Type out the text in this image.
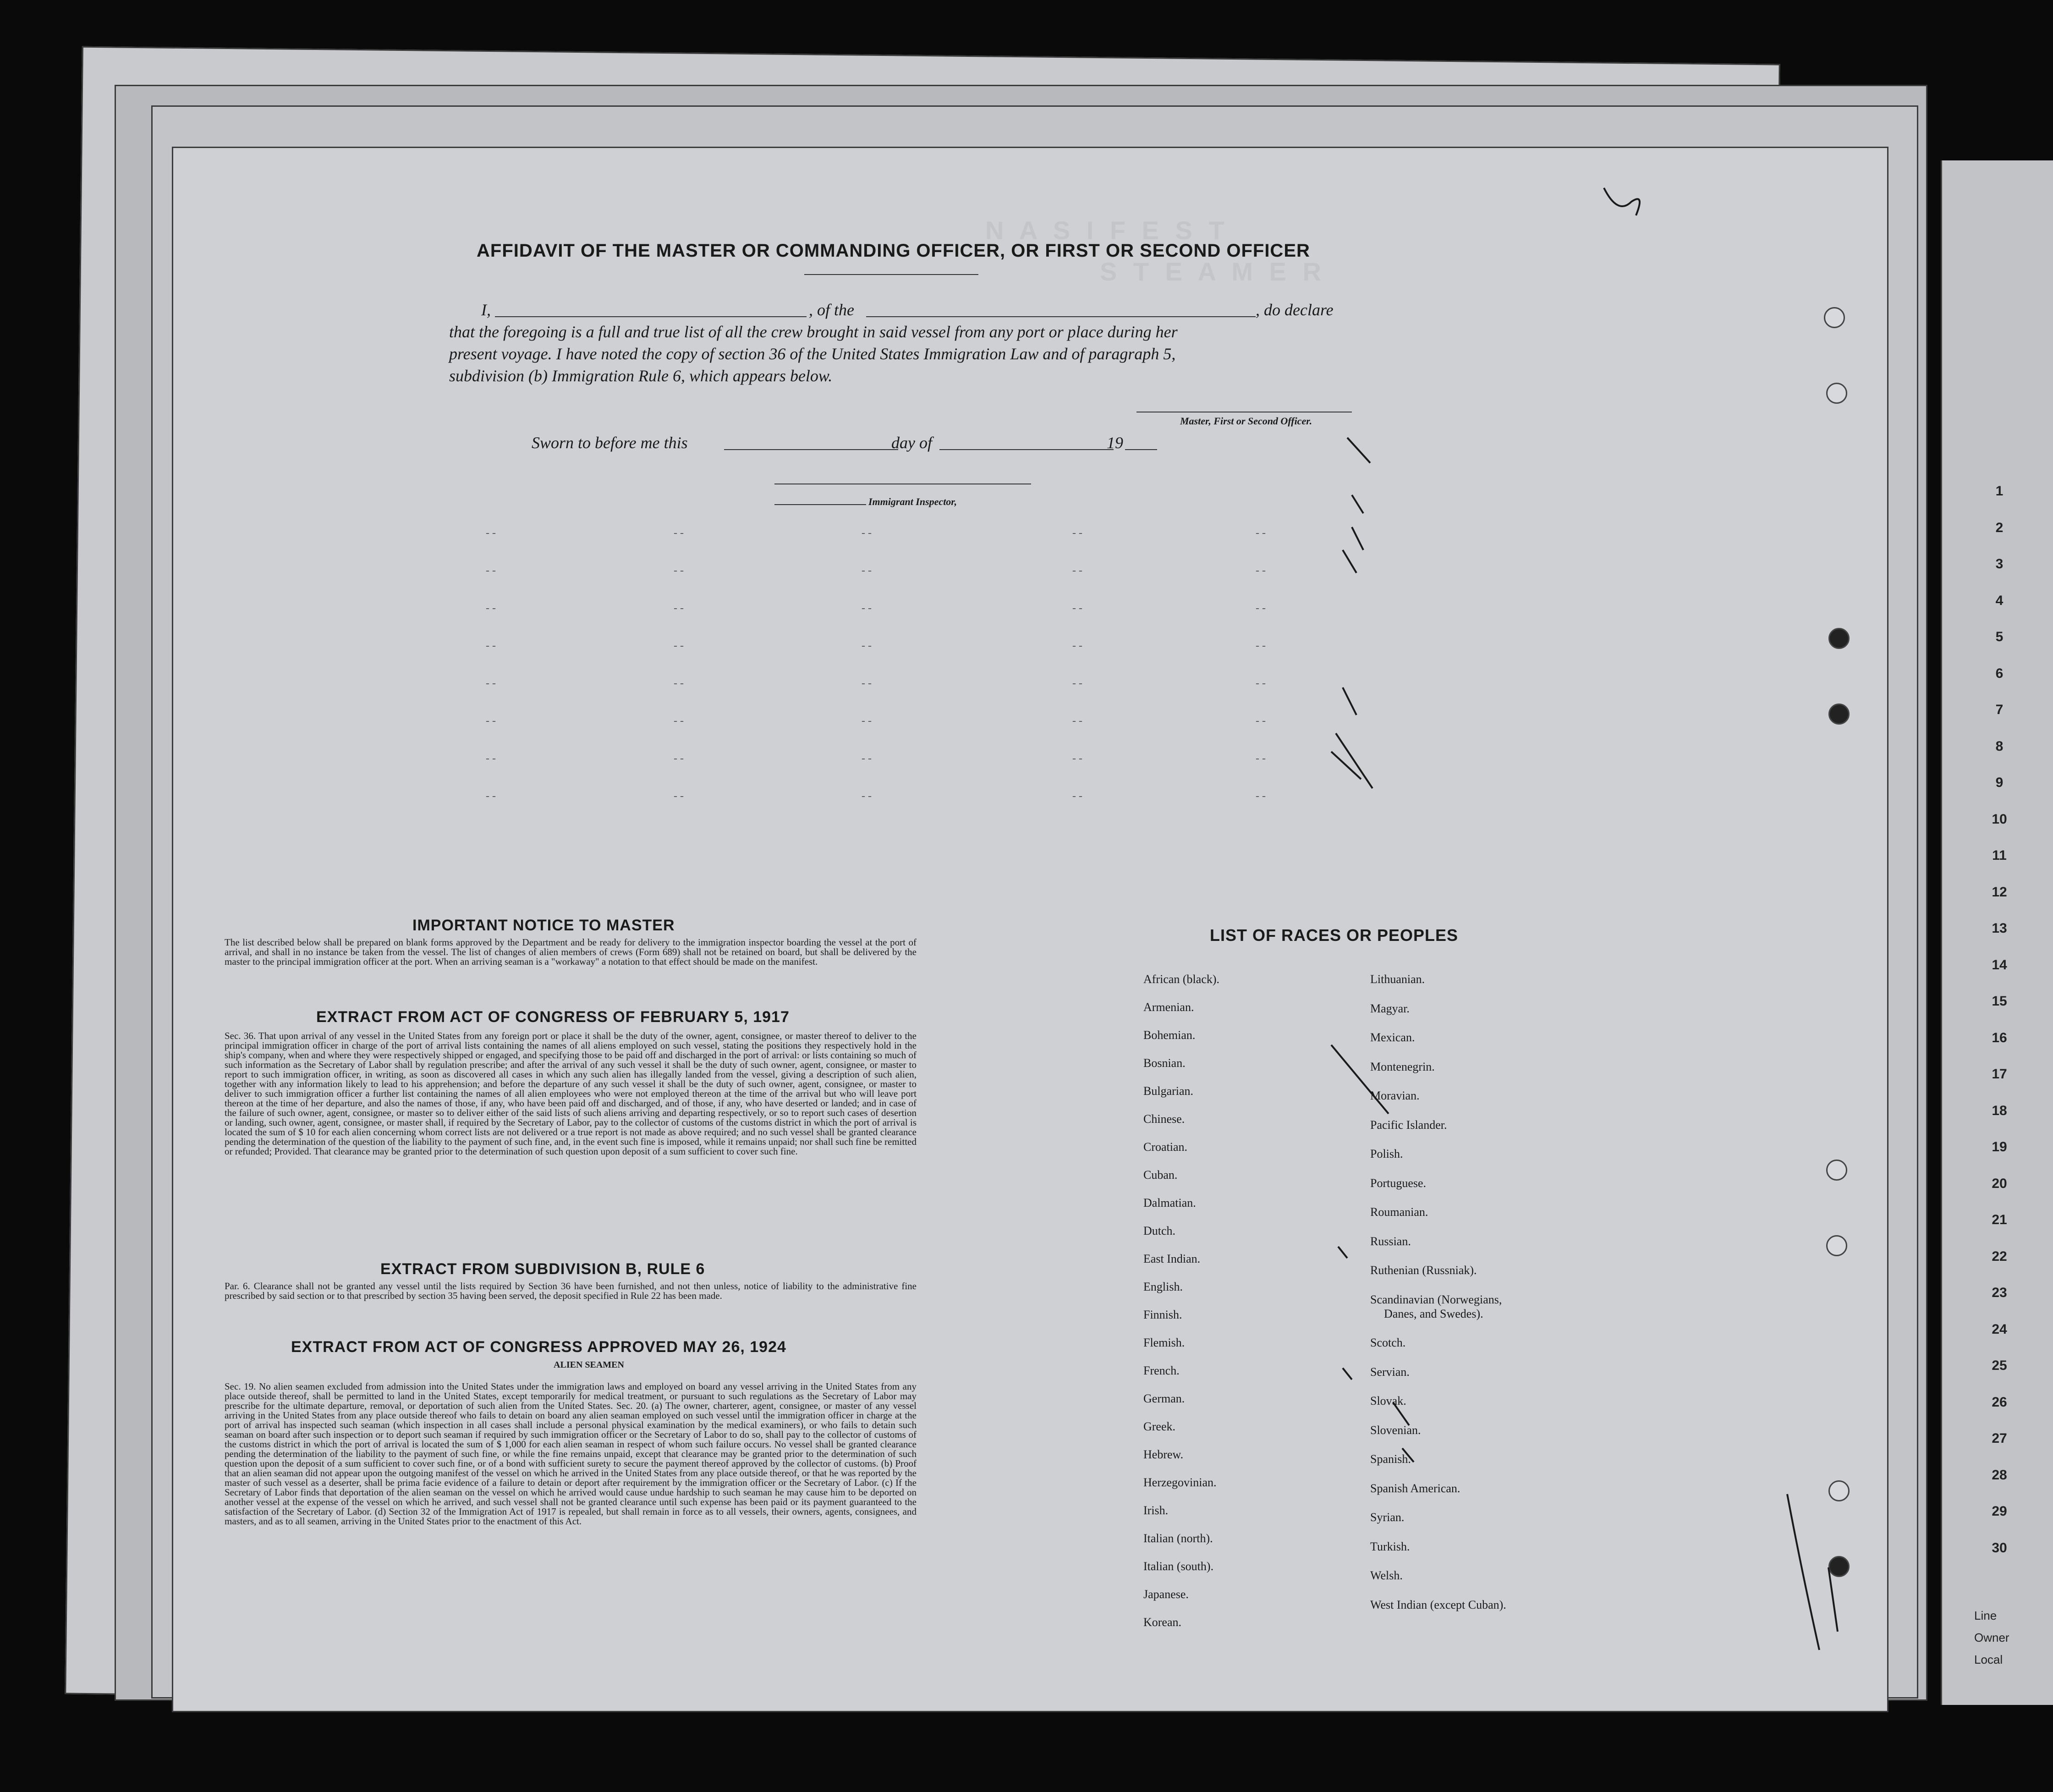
1
2
3
4
5
6
7
8
9
10
11
12
13
14
15
16
17
18
19
20
21
22
23
24
25
26
27
28
29
30
Line
Owner
Local
N A S I F E S T
S T E A M E R
AFFIDAVIT OF THE MASTER OR COMMANDING OFFICER, OR FIRST OR SECOND OFFICER
I,	, of the	, do declare
that the foregoing is a full and true list of all the crew brought in said vessel from any port or place during her
present voyage. I have noted the copy of section 36 of the United States Immigration Law and of paragraph 5,
subdivision (b) Immigration Rule 6, which appears below.
Master, First or Second Officer.
Sworn to before me this	day of	19
Immigrant Inspector,
- -	- -	- -	- -	- -
- -	- -	- -	- -	- -
- -	- -	- -	- -	- -
- -	- -	- -	- -	- -
- -	- -	- -	- -	- -
- -	- -	- -	- -	- -
- -	- -	- -	- -	- -
- -	- -	- -	- -	- -
IMPORTANT NOTICE TO MASTER
The list described below shall be prepared on blank forms approved by the Department and be ready for delivery to the immigration inspector boarding the vessel at the port of arrival, and shall in no instance be taken from the vessel. The list of changes of alien members of crews (Form 689) shall not be retained on board, but shall be delivered by the master to the principal immigration officer at the port. When an arriving seaman is a "workaway" a notation to that effect should be made on the manifest.
EXTRACT FROM ACT OF CONGRESS OF FEBRUARY 5, 1917
Sec. 36. That upon arrival of any vessel in the United States from any foreign port or place it shall be the duty of the owner, agent, consignee, or master thereof to deliver to the principal immigration officer in charge of the port of arrival lists containing the names of all aliens employed on such vessel, stating the positions they respectively hold in the ship's company, when and where they were respectively shipped or engaged, and specifying those to be paid off and discharged in the port of arrival: or lists containing so much of such information as the Secretary of Labor shall by regulation prescribe; and after the arrival of any such vessel it shall be the duty of such owner, agent, consignee, or master to report to such immigration officer, in writing, as soon as discovered all cases in which any such alien has illegally landed from the vessel, giving a description of such alien, together with any information likely to lead to his apprehension; and before the departure of any such vessel it shall be the duty of such owner, agent, consignee, or master to deliver to such immigration officer a further list containing the names of all alien employees who were not employed thereon at the time of the arrival but who will leave port thereon at the time of her departure, and also the names of those, if any, who have been paid off and discharged, and of those, if any, who have deserted or landed; and in case of the failure of such owner, agent, consignee, or master so to deliver either of the said lists of such aliens arriving and departing respectively, or so to report such cases of desertion or landing, such owner, agent, consignee, or master shall, if required by the Secretary of Labor, pay to the collector of customs of the customs district in which the port of arrival is located the sum of $ 10 for each alien concerning whom correct lists are not delivered or a true report is not made as above required; and no such vessel shall be granted clearance pending the determination of the question of the liability to the payment of such fine, and, in the event such fine is imposed, while it remains unpaid; nor shall such fine be remitted or refunded; Provided. That clearance may be granted prior to the determination of such question upon deposit of a sum sufficient to cover such fine.
EXTRACT FROM SUBDIVISION B, RULE 6
Par. 6. Clearance shall not be granted any vessel until the lists required by Section 36 have been furnished, and not then unless, notice of liability to the administrative fine prescribed by said section or to that prescribed by section 35 having been served, the deposit specified in Rule 22 has been made.
EXTRACT FROM ACT OF CONGRESS APPROVED MAY 26, 1924
ALIEN SEAMEN
Sec. 19. No alien seamen excluded from admission into the United States under the immigration laws and employed on board any vessel arriving in the United States from any place outside thereof, shall be permitted to land in the United States, except temporarily for medical treatment, or pursuant to such regulations as the Secretary of Labor may prescribe for the ultimate departure, removal, or deportation of such alien from the United States. Sec. 20. (a) The owner, charterer, agent, consignee, or master of any vessel arriving in the United States from any place outside thereof who fails to detain on board any alien seaman employed on such vessel until the immigration officer in charge at the port of arrival has inspected such seaman (which inspection in all cases shall include a personal physical examination by the medical examiners), or who fails to detain such seaman on board after such inspection or to deport such seaman if required by such immigration officer or the Secretary of Labor to do so, shall pay to the collector of customs of the customs district in which the port of arrival is located the sum of $ 1,000 for each alien seaman in respect of whom such failure occurs. No vessel shall be granted clearance pending the determination of the liability to the payment of such fine, or while the fine remains unpaid, except that clearance may be granted prior to the determination of such question upon the deposit of a sum sufficient to cover such fine, or of a bond with sufficient surety to secure the payment thereof approved by the collector of customs. (b) Proof that an alien seaman did not appear upon the outgoing manifest of the vessel on which he arrived in the United States from any place outside thereof, or that he was reported by the master of such vessel as a deserter, shall be prima facie evidence of a failure to detain or deport after requirement by the immigration officer or the Secretary of Labor. (c) If the Secretary of Labor finds that deportation of the alien seaman on the vessel on which he arrived would cause undue hardship to such seaman he may cause him to be deported on another vessel at the expense of the vessel on which he arrived, and such vessel shall not be granted clearance until such expense has been paid or its payment guaranteed to the satisfaction of the Secretary of Labor. (d) Section 32 of the Immigration Act of 1917 is repealed, but shall remain in force as to all vessels, their owners, agents, consignees, and masters, and as to all seamen, arriving in the United States prior to the enactment of this Act.
LIST OF RACES OR PEOPLES
African (black).
Armenian.
Bohemian.
Bosnian.
Bulgarian.
Chinese.
Croatian.
Cuban.
Dalmatian.
Dutch.
East Indian.
English.
Finnish.
Flemish.
French.
German.
Greek.
Hebrew.
Herzegovinian.
Irish.
Italian (north).
Italian (south).
Japanese.
Korean.
Lithuanian.
Magyar.
Mexican.
Montenegrin.
Moravian.
Pacific Islander.
Polish.
Portuguese.
Roumanian.
Russian.
Ruthenian (Russniak).
Scandinavian (Norwegians,
Danes, and Swedes).
Scotch.
Servian.
Slovak.
Slovenian.
Spanish.
Spanish American.
Syrian.
Turkish.
Welsh.
West Indian (except Cuban).
